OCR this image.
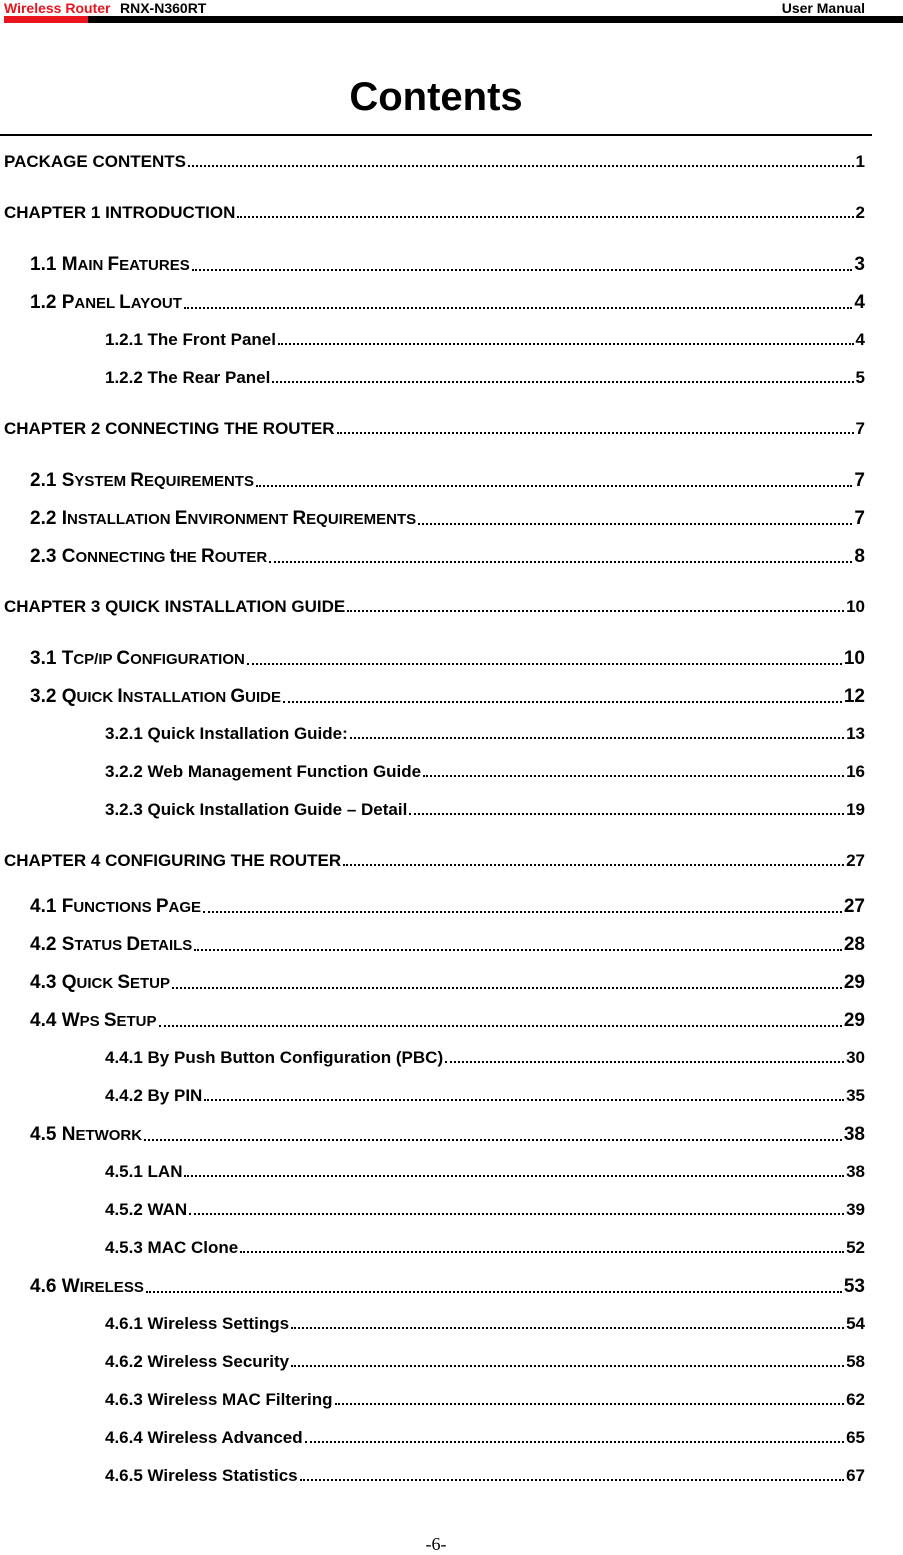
Wireless Router RNX-N360RT	User Manual
Contents
PACKAGE CONTENTS	1
CHAPTER 1 INTRODUCTION	2
1.1 MAIN FEATURES	3
1.2 PANEL LAYOUT	4
1.2.1 The Front Panel	4
1.2.2 The Rear Panel	5
CHAPTER 2 CONNECTING THE ROUTER	7
2.1 SYSTEM REQUIREMENTS	7
2.2 INSTALLATION ENVIRONMENT REQUIREMENTS	7
2.3 CONNECTING tHE ROUTER	8
CHAPTER 3 QUICK INSTALLATION GUIDE	10
3.1 TCP/IP CONFIGURATION	10
3.2 QUICK INSTALLATION GUIDE	12
3.2.1 Quick Installation Guide:	13
3.2.2 Web Management Function Guide	16
3.2.3 Quick Installation Guide – Detail	19
CHAPTER 4 CONFIGURING THE ROUTER	27
4.1 FUNCTIONS PAGE	27
4.2 STATUS DETAILS	28
4.3 QUICK SETUP	29
4.4 WPS SETUP	29
4.4.1 By Push Button Configuration (PBC)	30
4.4.2 By PIN	35
4.5 NETWORK	38
4.5.1 LAN	38
4.5.2 WAN	39
4.5.3 MAC Clone	52
4.6 WIRELESS	53
4.6.1 Wireless Settings	54
4.6.2 Wireless Security	58
4.6.3 Wireless MAC Filtering	62
4.6.4 Wireless Advanced	65
4.6.5 Wireless Statistics	67
-6-
